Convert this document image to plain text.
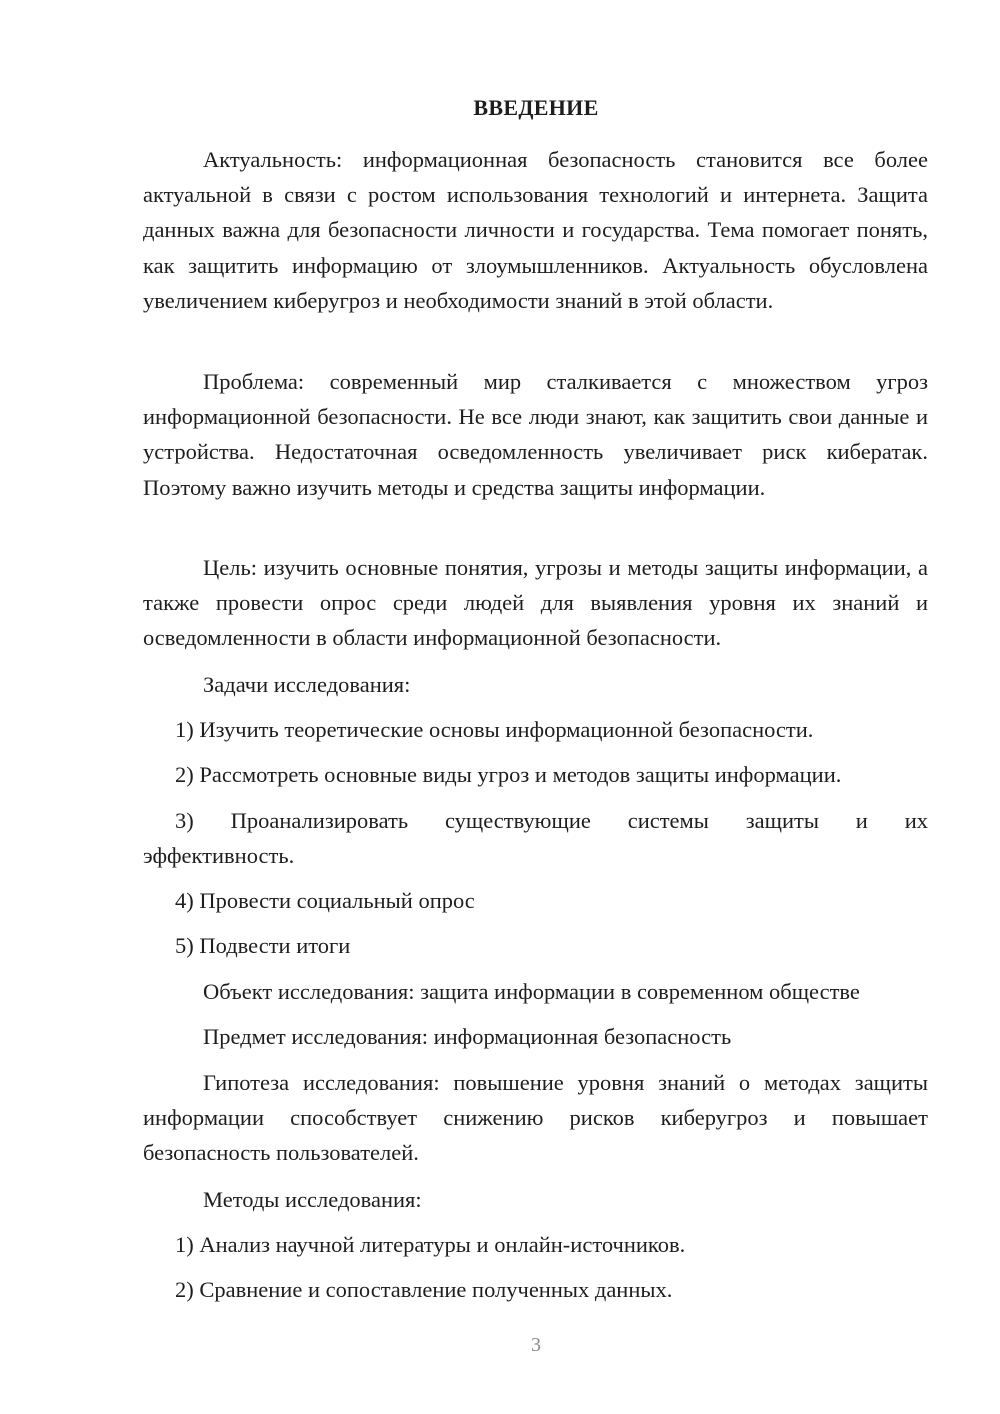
ВВЕДЕНИЕ
Актуальность: информационная безопасность становится все более актуальной в связи с ростом использования технологий и интернета. Защита данных важна для безопасности личности и государства. Тема помогает понять, как защитить информацию от злоумышленников. Актуальность обусловлена увеличением киберугроз и необходимости знаний в этой области.
Проблема: современный мир сталкивается с множеством угроз информационной безопасности. Не все люди знают, как защитить свои данные и устройства. Недостаточная осведомленность увеличивает риск кибератак. Поэтому важно изучить методы и средства защиты информации.
Цель: изучить основные понятия, угрозы и методы защиты информации, а также провести опрос среди людей для выявления уровня их знаний и осведомленности в области информационной безопасности.
Задачи исследования:
1) Изучить теоретические основы информационной безопасности.
2) Рассмотреть основные виды угроз и методов защиты информации.
3) Проанализировать существующие системы защиты и их эффективность.
4) Провести социальный опрос
5) Подвести итоги
Объект исследования: защита информации в современном обществе
Предмет исследования: информационная безопасность
Гипотеза исследования: повышение уровня знаний о методах защиты информации способствует снижению рисков киберугроз и повышает безопасность пользователей.
Методы исследования:
1) Анализ научной литературы и онлайн-источников.
2) Сравнение и сопоставление полученных данных.
3
